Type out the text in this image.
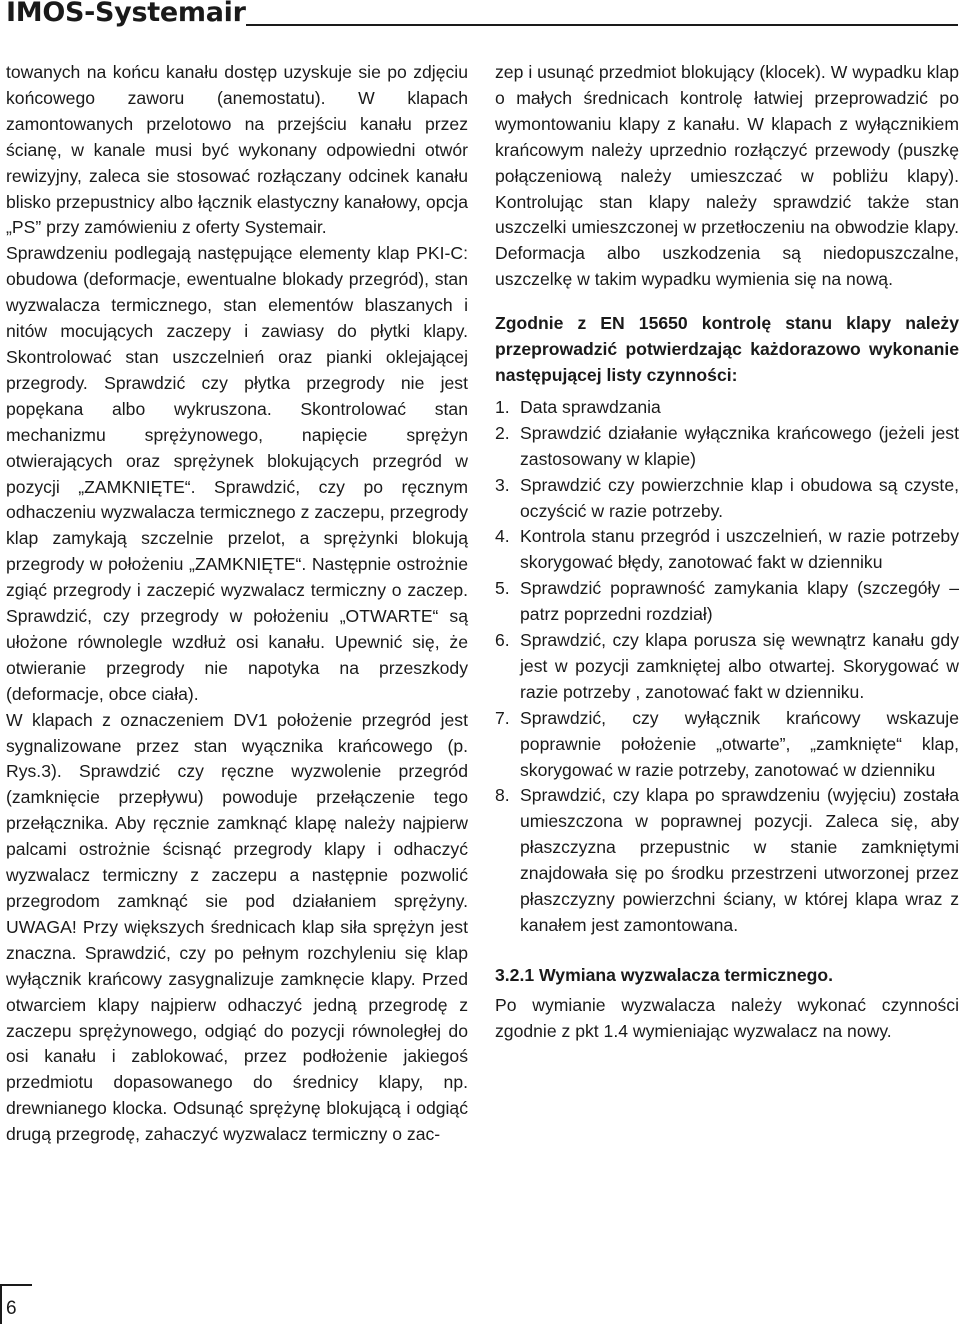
IMOS-Systemair

towanych na końcu kanału dostęp uzyskuje sie po zdjęciu końcowego zaworu (anemostatu). W klapach zamontowanych przelotowo na przejściu kanału przez ścianę, w kanale musi być wykonany odpowiedni otwór rewizyjny, zaleca sie stosować rozłączany odcinek kanału blisko przepustnicy albo łącznik elastyczny kanałowy, opcja „PS” przy zamówieniu z oferty Systemair.

Sprawdzeniu podlegają następujące elementy klap PKI-C: obudowa (deformacje, ewentualne blokady przegród), stan wyzwalacza termicznego, stan elementów blaszanych i nitów mocujących zaczepy i zawiasy do płytki klapy. Skontrolować stan uszczelnień oraz pianki oklejającej przegrody. Sprawdzić czy płytka przegrody nie jest popękana albo wykruszona. Skontrolować stan mechanizmu sprężynowego, napięcie sprężyn otwierających oraz sprężynek blokujących przegród w pozycji „ZAMKNIĘTE“. Sprawdzić, czy po ręcznym odhaczeniu wyzwalacza termicznego z zaczepu, przegrody klap zamykają szczelnie przelot, a sprężynki blokują przegrody w położeniu „ZAMKNIĘTE“. Następnie ostrożnie zgiąć przegrody i zaczepić wyzwalacz termiczny o zaczep. Sprawdzić, czy przegrody w położeniu „OTWARTE“ są ułożone równolegle wzdłuż osi kanału. Upewnić się, że otwieranie przegrody nie napotyka na przeszkody (deformacje, obce ciała).

W klapach z oznaczeniem DV1 położenie przegród jest sygnalizowane przez stan wyącznika krańcowego (p. Rys.3). Sprawdzić czy ręczne wyzwolenie przegród (zamknięcie przepływu) powoduje przełączenie tego przełącznika. Aby ręcznie zamknąć klapę należy najpierw palcami ostrożnie ścisnąć przegrody klapy i odhaczyć wyzwalacz termiczny z zaczepu a następnie pozwolić przegrodom zamknąć sie pod działaniem sprężyny. UWAGA! Przy większych średnicach klap siła sprężyn jest znaczna. Sprawdzić, czy po pełnym rozchyleniu się klap wyłącznik krańcowy zasygnalizuje zamknęcie klapy. Przed otwarciem klapy najpierw odhaczyć jedną przegrodę z zaczepu sprężynowego, odgiąć do pozycji równoległej do osi kanału i zablokować, przez podłożenie jakiegoś przedmiotu dopasowanego do średnicy klapy, np. drewnianego klocka. Odsunąć sprężynę blokującą i odgiąć drugą przegrodę, zahaczyć wyzwalacz termiczny o zac-

zep i usunąć przedmiot blokujący (klocek). W wypadku klap o małych średnicach kontrolę łatwiej przeprowadzić po wymontowaniu klapy z kanału. W klapach z wyłącznikiem krańcowym należy uprzednio rozłączyć przewody (puszkę połączeniową należy umieszczać w pobliżu klapy). Kontrolując stan klapy należy sprawdzić także stan uszczelki umieszczonej w przetłoczeniu na obwodzie klapy. Deformacja albo uszkodzenia są niedopuszczalne, uszczelkę w takim wypadku wymienia się na nową.

Zgodnie z EN 15650 kontrolę stanu klapy należy przeprowadzić potwierdzając każdorazowo wykonanie następującej listy czynności:

1. Data sprawdzania
2. Sprawdzić działanie wyłącznika krańcowego (jeżeli jest zastosowany w klapie)
3. Sprawdzić czy powierzchnie klap i obudowa są czyste, oczyścić w razie potrzeby.
4. Kontrola stanu przegród i uszczelnień, w razie potrzeby skorygować błędy, zanotować fakt w dzienniku
5. Sprawdzić poprawność zamykania klapy (szczegóły – patrz poprzedni rozdział)
6. Sprawdzić, czy klapa porusza się wewnątrz kanału gdy jest w pozycji zamkniętej albo otwartej. Skorygować w razie potrzeby , zanotować fakt w dzienniku.
7. Sprawdzić, czy wyłącznik krańcowy wskazuje poprawnie położenie „otwarte”, „zamknięte“ klap, skorygować w razie potrzeby, zanotować w dzienniku
8. Sprawdzić, czy klapa po sprawdzeniu (wyjęciu) została umieszczona w poprawnej pozycji. Zaleca się, aby płaszczyzna przepustnic w stanie zamkniętymi znajdowała się po środku przestrzeni utworzonej przez płaszczyzny powierzchni ściany, w której klapa wraz z kanałem jest zamontowana.

3.2.1 Wymiana wyzwalacza termicznego.

Po wymianie wyzwalacza należy wykonać czynności zgodnie z pkt 1.4 wymieniając wyzwalacz na nowy.

6
